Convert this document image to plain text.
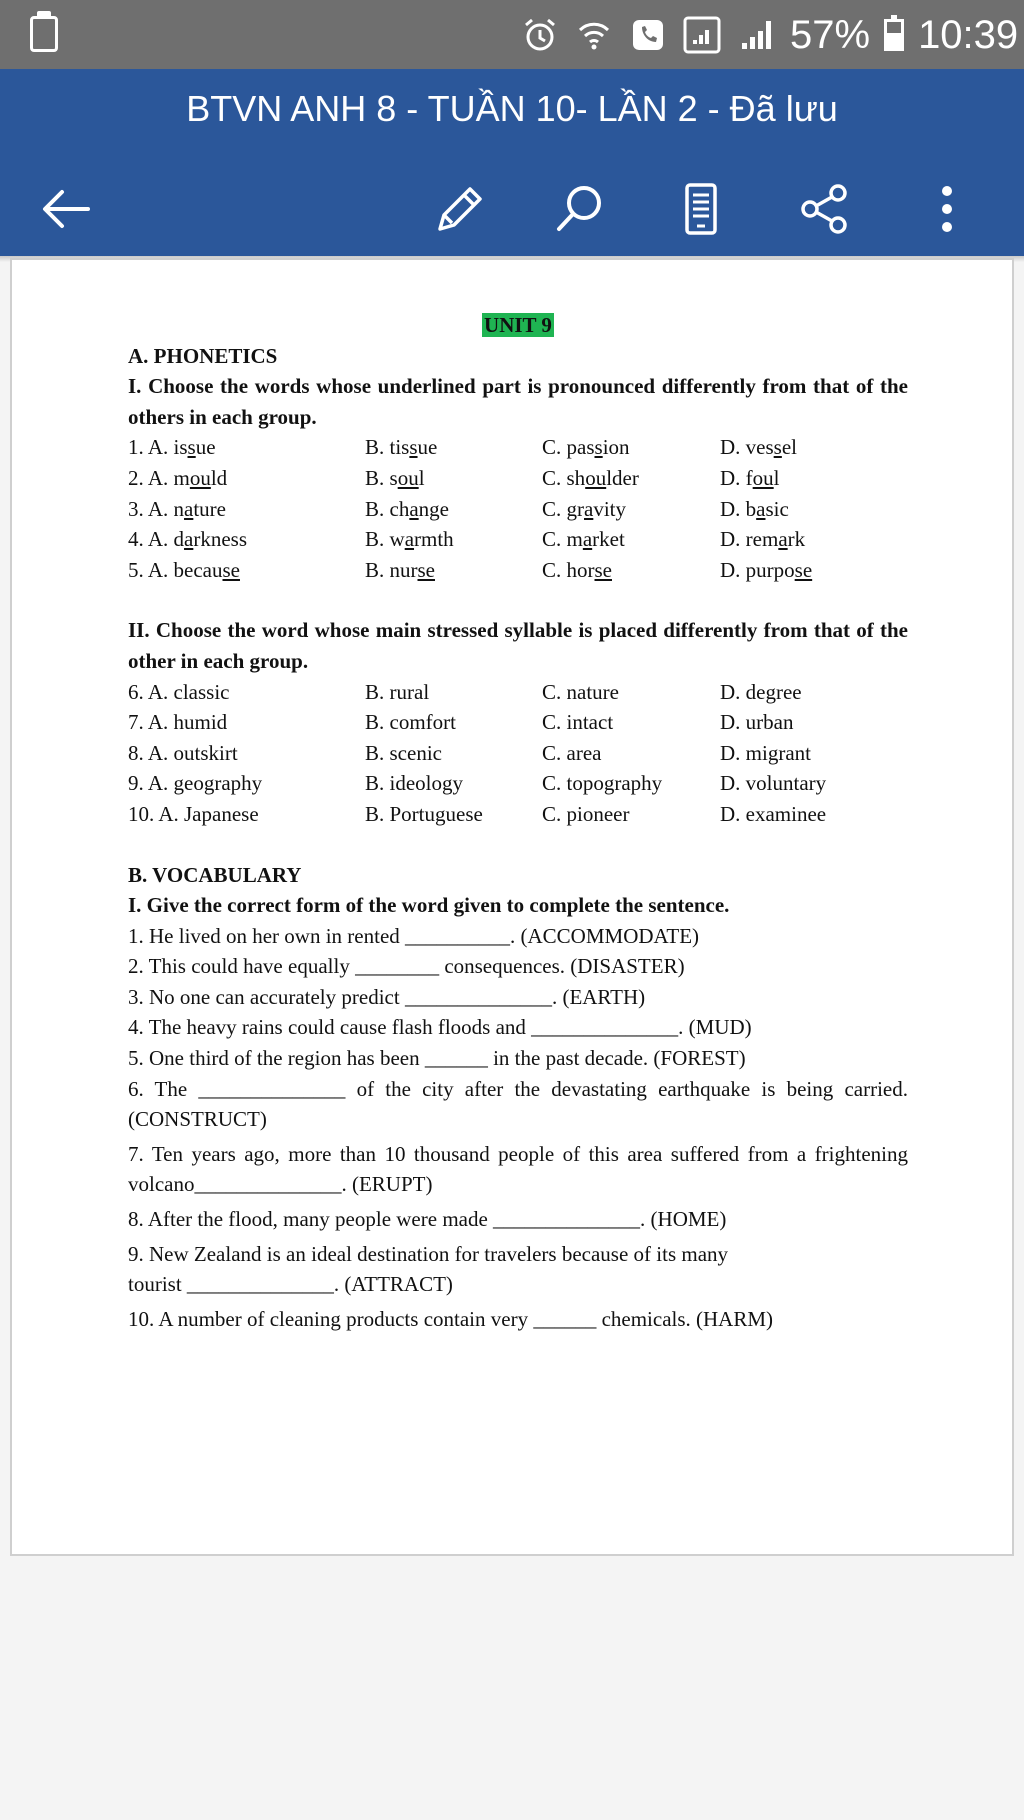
57% 10:39
BTVN ANH 8 - TUẦN 10- LẦN 2 - Đã lưu
UNIT 9
A. PHONETICS
I. Choose the words whose underlined part is pronounced differently from that of the others in each group.
1. A. issue	B. tissue	C. passion	D. vessel
2. A. mould	B. soul	C. shoulder	D. foul
3. A. nature	B. change	C. gravity	D. basic
4. A. darkness	B. warmth	C. market	D. remark
5. A. because	B. nurse	C. horse	D. purpose
II. Choose the word whose main stressed syllable is placed differently from that of the other in each group.
6. A. classic	B. rural	C. nature	D. degree
7. A. humid	B. comfort	C. intact	D. urban
8. A. outskirt	B. scenic	C. area	D. migrant
9. A. geography	B. ideology	C. topography	D. voluntary
10. A. Japanese	B. Portuguese	C. pioneer	D. examinee
B. VOCABULARY
I. Give the correct form of the word given to complete the sentence.
1. He lived on her own in rented __________. (ACCOMMODATE)
2. This could have equally ________ consequences. (DISASTER)
3. No one can accurately predict ______________. (EARTH)
4. The heavy rains could cause flash floods and ______________. (MUD)
5. One third of the region has been ______ in the past decade. (FOREST)
6. The ______________ of the city after the devastating earthquake is being carried. (CONSTRUCT)
7. Ten years ago, more than 10 thousand people of this area suffered from a frightening volcano______________. (ERUPT)
8. After the flood, many people were made ______________. (HOME)
9. New Zealand is an ideal destination for travelers because of its many
tourist ______________. (ATTRACT)
10. A number of cleaning products contain very ______ chemicals. (HARM)
